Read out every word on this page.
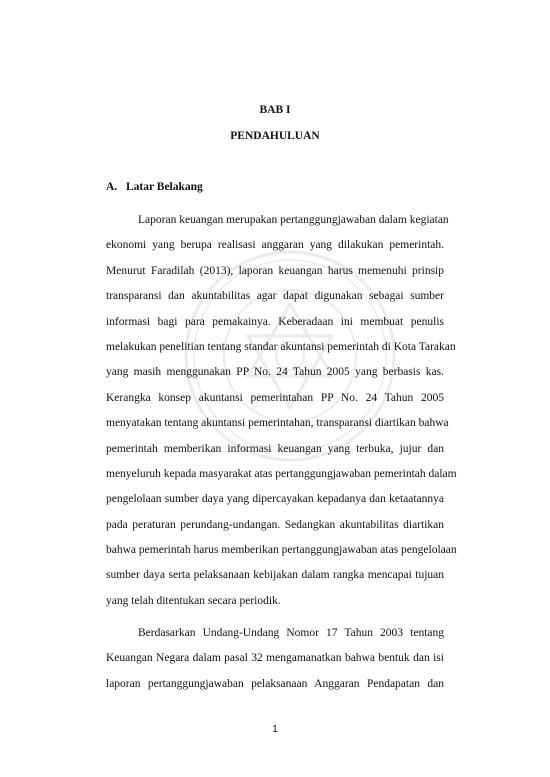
BAB I
PENDAHULUAN
A. Latar Belakang
Laporan keuangan merupakan pertanggungjawaban dalam kegiatan
ekonomi yang berupa realisasi anggaran yang dilakukan pemerintah.
Menurut Faradilah (2013), laporan keuangan harus memenuhi prinsip
transparansi dan akuntabilitas agar dapat digunakan sebagai sumber
informasi bagi para pemakainya. Keberadaan ini membuat penulis
melakukan penelitian tentang standar akuntansi pemerintah di Kota Tarakan
yang masih menggunakan PP No. 24 Tahun 2005 yang berbasis kas.
Kerangka konsep akuntansi pemerintahan PP No. 24 Tahun 2005
menyatakan tentang akuntansi pemerintahan, transparansi diartikan bahwa
pemerintah memberikan informasi keuangan yang terbuka, jujur dan
menyeluruh kepada masyarakat atas pertanggungjawaban pemerintah dalam
pengelolaan sumber daya yang dipercayakan kepadanya dan ketaatannya
pada peraturan perundang-undangan. Sedangkan akuntabilitas diartikan
bahwa pemerintah harus memberikan pertanggungjawaban atas pengelolaan
sumber daya serta pelaksanaan kebijakan dalam rangka mencapai tujuan
yang telah ditentukan secara periodik.
Berdasarkan Undang-Undang Nomor 17 Tahun 2003 tentang
Keuangan Negara dalam pasal 32 mengamanatkan bahwa bentuk dan isi
laporan pertanggungjawaban pelaksanaan Anggaran Pendapatan dan
1
